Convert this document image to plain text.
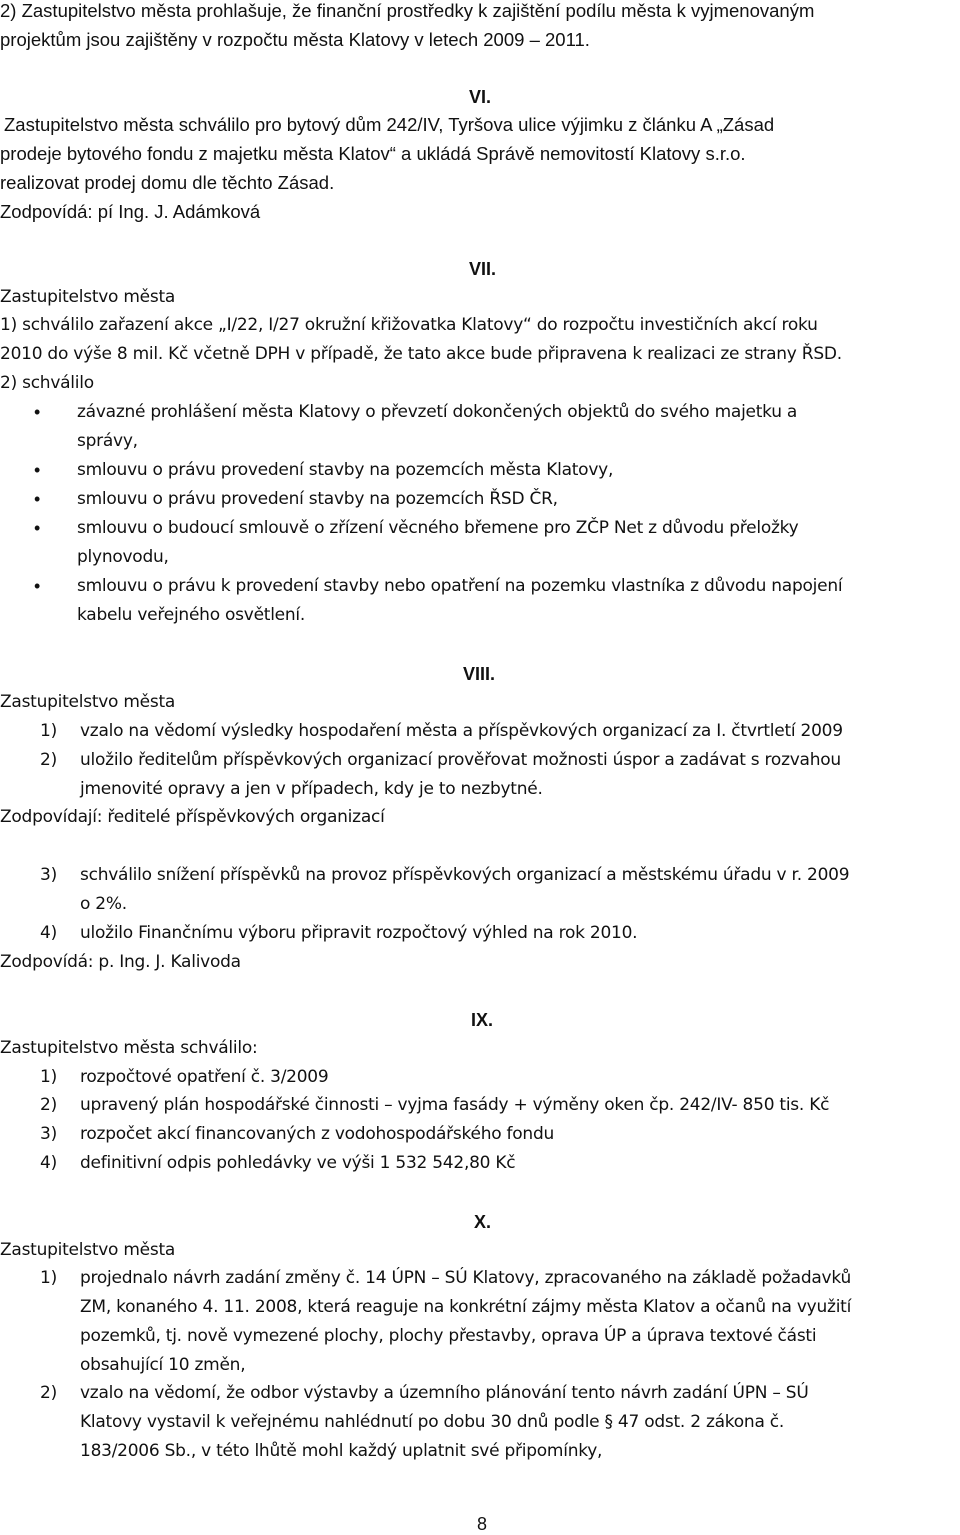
2) Zastupitelstvo města prohlašuje, že finanční prostředky k zajištění podílu města k vyjmenovaným
projektům jsou zajištěny v rozpočtu města Klatovy v letech 2009 – 2011.
VI.
Zastupitelstvo města schválilo pro bytový dům 242/IV, Tyršova ulice výjimku z článku A „Zásad
prodeje bytového fondu z majetku města Klatov“ a ukládá Správě nemovitostí Klatovy s.r.o.
realizovat prodej domu dle těchto Zásad.
Zodpovídá: pí Ing. J. Adámková
VII.
Zastupitelstvo města
1) schválilo zařazení akce „I/22, I/27 okružní křižovatka Klatovy“ do rozpočtu investičních akcí roku
2010 do výše 8 mil. Kč včetně DPH v případě, že tato akce bude připravena k realizaci ze strany ŘSD.
2) schválilo
• závazné prohlášení města Klatovy o převzetí dokončených objektů do svého majetku a
správy,
• smlouvu o právu provedení stavby na pozemcích města Klatovy,
• smlouvu o právu provedení stavby na pozemcích ŘSD ČR,
• smlouvu o budoucí smlouvě o zřízení věcného břemene pro ZČP Net z důvodu přeložky
plynovodu,
• smlouvu o právu k provedení stavby nebo opatření na pozemku vlastníka z důvodu napojení
kabelu veřejného osvětlení.
VIII.
Zastupitelstvo města
1) vzalo na vědomí výsledky hospodaření města a příspěvkových organizací za I. čtvrtletí 2009
2) uložilo ředitelům příspěvkových organizací prověřovat možnosti úspor a zadávat s rozvahou
jmenovité opravy a jen v případech, kdy je to nezbytné.
Zodpovídají: ředitelé příspěvkových organizací
3) schválilo snížení příspěvků na provoz příspěvkových organizací a městskému úřadu v r. 2009
o 2%.
4) uložilo Finančnímu výboru připravit rozpočtový výhled na rok 2010.
Zodpovídá: p. Ing. J. Kalivoda
IX.
Zastupitelstvo města schválilo:
1) rozpočtové opatření č. 3/2009
2) upravený plán hospodářské činnosti – vyjma fasády + výměny oken čp. 242/IV- 850 tis. Kč
3) rozpočet akcí financovaných z vodohospodářského fondu
4) definitivní odpis pohledávky ve výši 1 532 542,80 Kč
X.
Zastupitelstvo města
1) projednalo návrh zadání změny č. 14 ÚPN – SÚ Klatovy, zpracovaného na základě požadavků
ZM, konaného 4. 11. 2008, která reaguje na konkrétní zájmy města Klatov a očanů na využití
pozemků, tj. nově vymezené plochy, plochy přestavby, oprava ÚP a úprava textové části
obsahující 10 změn,
2) vzalo na vědomí, že odbor výstavby a územního plánování tento návrh zadání ÚPN – SÚ
Klatovy vystavil k veřejnému nahlédnutí po dobu 30 dnů podle § 47 odst. 2 zákona č.
183/2006 Sb., v této lhůtě mohl každý uplatnit své připomínky,
8
